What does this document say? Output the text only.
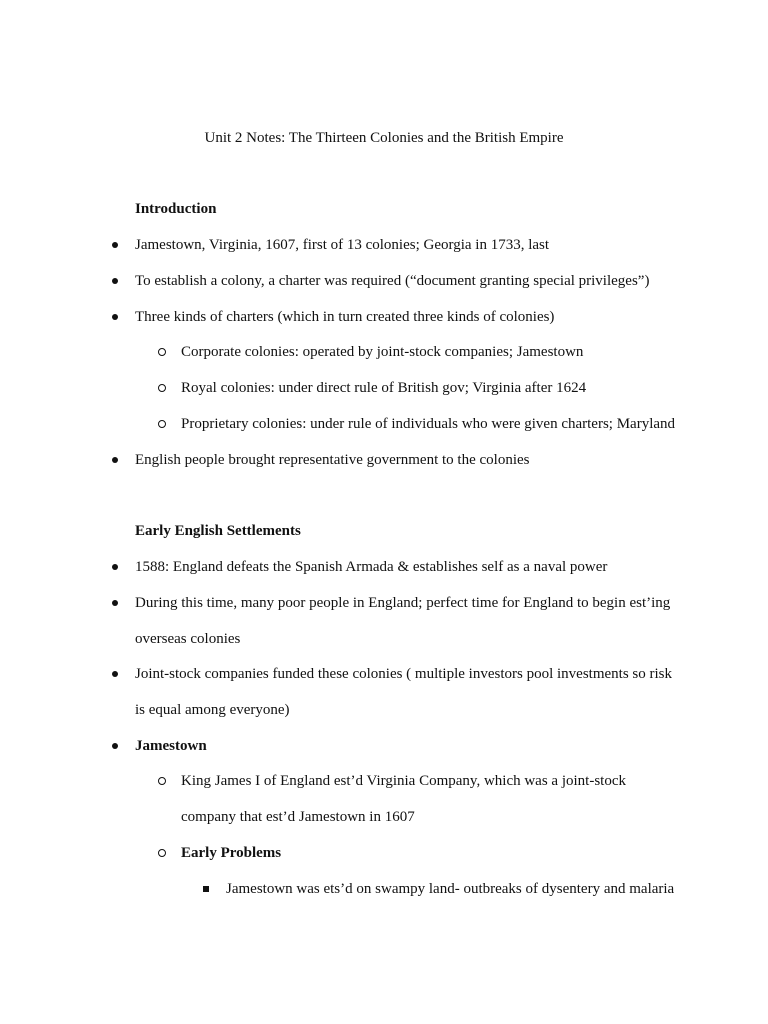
Unit 2 Notes: The Thirteen Colonies and the British Empire
Introduction
Jamestown, Virginia, 1607, first of 13 colonies; Georgia in 1733, last
To establish a colony, a charter was required (“document granting special privileges”)
Three kinds of charters (which in turn created three kinds of colonies)
Corporate colonies: operated by joint-stock companies; Jamestown
Royal colonies: under direct rule of British gov; Virginia after 1624
Proprietary colonies: under rule of individuals who were given charters; Maryland
English people brought representative government to the colonies
Early English Settlements
1588: England defeats the Spanish Armada & establishes self as a naval power
During this time, many poor people in England; perfect time for England to begin est’ing
overseas colonies
Joint-stock companies funded these colonies ( multiple investors pool investments so risk
is equal among everyone)
Jamestown
King James I of England est’d Virginia Company, which was a joint-stock
company that est’d Jamestown in 1607
Early Problems
Jamestown was ets’d on swampy land- outbreaks of dysentery and malaria
